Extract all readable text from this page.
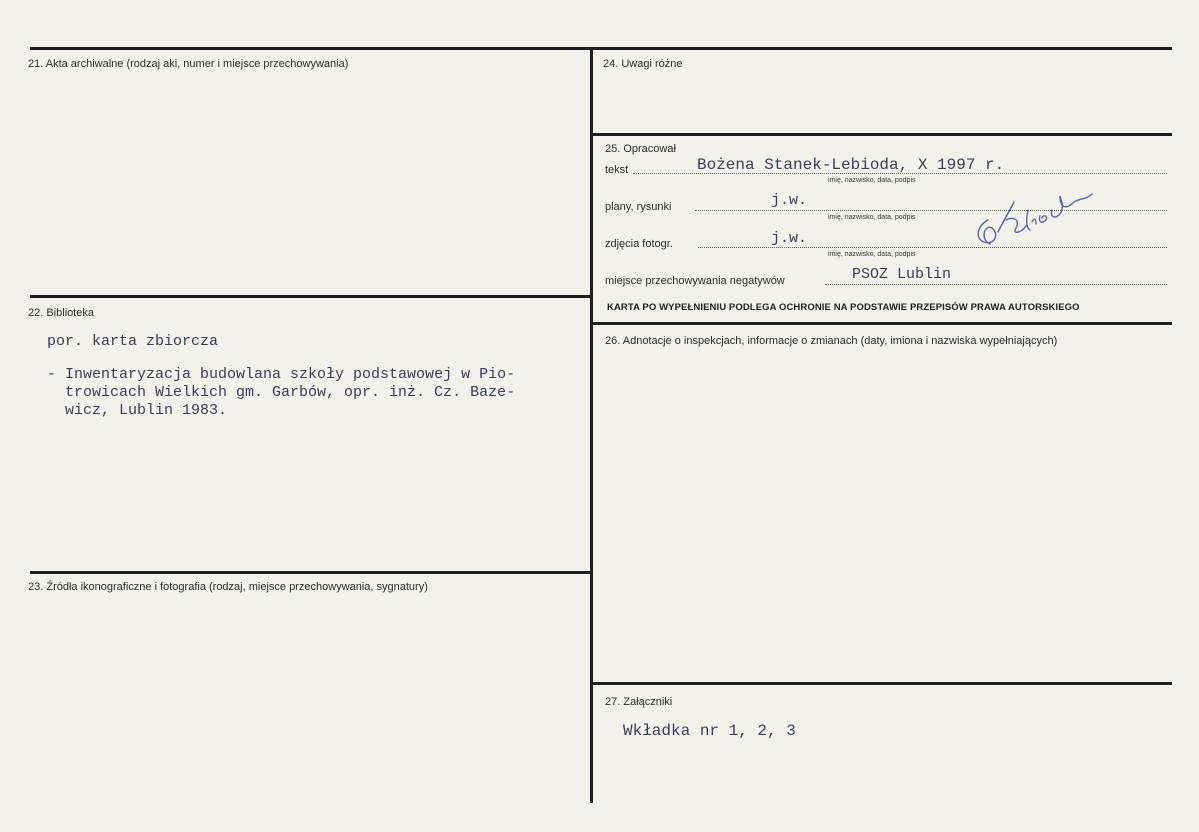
21. Akta archiwalne (rodzaj aki, numer i miejsce przechowywania)
22. Biblioteka
por. karta zbiorcza
- Inwentaryzacja budowlana szkoły podstawowej w Pio-
trowicach Wielkich gm. Garbów, opr. inż. Cz. Baze-
wicz, Lublin 1983.
23. Źródła ikonograficzne i fotografia (rodzaj, miejsce przechowywania, sygnatury)
24. Uwagi różne
25. Opracował
tekst	Bożena Stanek-Lebioda, X 1997 r.
imię, nazwisko, data, podpis
plany, rysunki	j.w.
imię, nazwisko, data, podpis
zdjęcia fotogr.	j.w.
imię, nazwisko, data, podpis
miejsce przechowywania negatywów	PSOZ Lublin
KARTA PO WYPEŁNIENIU PODLEGA OCHRONIE NA PODSTAWIE PRZEPISÓW PRAWA AUTORSKIEGO
26. Adnotacje o inspekcjach, informacje o zmianach (daty, imiona i nazwiska wypełniających)
27. Załączniki
Wkładka nr 1, 2, 3
